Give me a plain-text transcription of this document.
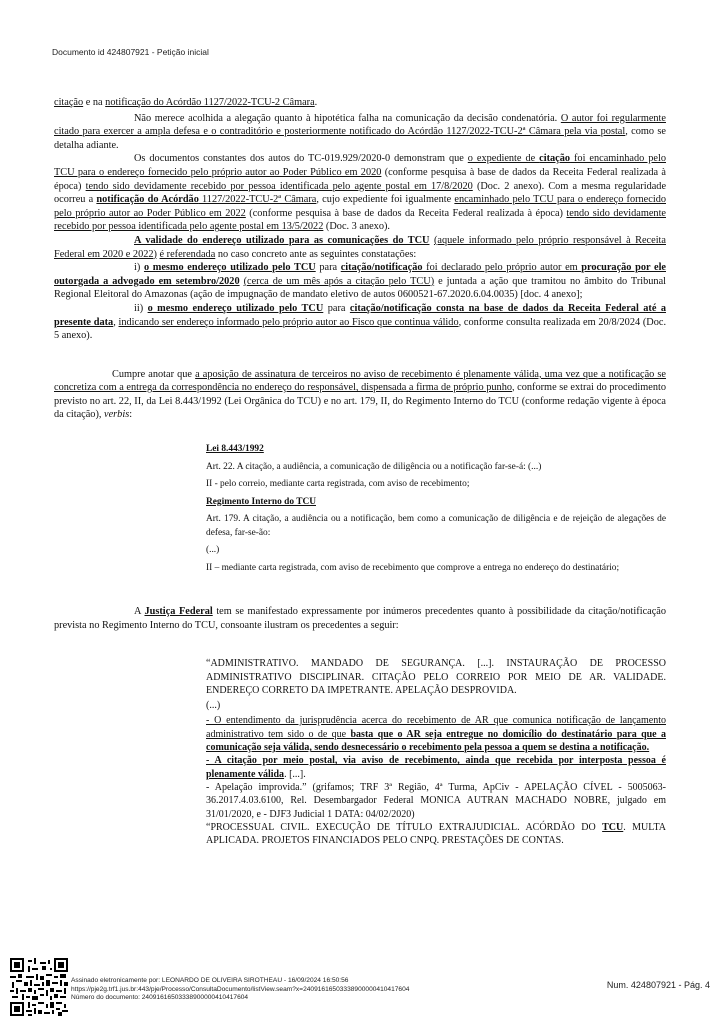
Documento id 424807921 - Petição inicial

citação e na notificação do Acórdão 1127/2022-TCU-2 Câmara.

Não merece acolhida a alegação quanto à hipotética falha na comunicação da decisão condenatória. O autor foi regularmente citado para exercer a ampla defesa e o contraditório e posteriormente notificado do Acórdão 1127/2022-TCU-2ª Câmara pela via postal, como se detalha adiante.

Os documentos constantes dos autos do TC-019.929/2020-0 demonstram que o expediente de citação foi encaminhado pelo TCU para o endereço fornecido pelo próprio autor ao Poder Público em 2020 (conforme pesquisa à base de dados da Receita Federal realizada à época) tendo sido devidamente recebido por pessoa identificada pelo agente postal em 17/8/2020 (Doc. 2 anexo). Com a mesma regularidade ocorreu a notificação do Acórdão 1127/2022-TCU-2ª Câmara, cujo expediente foi igualmente encaminhado pelo TCU para o endereço fornecido pelo próprio autor ao Poder Público em 2022 (conforme pesquisa à base de dados da Receita Federal realizada à época) tendo sido devidamente recebido por pessoa identificada pelo agente postal em 13/5/2022 (Doc. 3 anexo).

A validade do endereço utilizado para as comunicações do TCU (aquele informado pelo próprio responsável à Receita Federal em 2020 e 2022) é referendada no caso concreto ante as seguintes constatações:

i) o mesmo endereço utilizado pelo TCU para citação/notificação foi declarado pelo próprio autor em procuração por ele outorgada a advogado em setembro/2020 (cerca de um mês após a citação pelo TCU) e juntada a ação que tramitou no âmbito do Tribunal Regional Eleitoral do Amazonas (ação de impugnação de mandato eletivo de autos 0600521-67.2020.6.04.0035) [doc. 4 anexo];

ii) o mesmo endereço utilizado pelo TCU para citação/notificação consta na base de dados da Receita Federal até a presente data, indicando ser endereço informado pelo próprio autor ao Fisco que continua válido, conforme consulta realizada em 20/8/2024 (Doc. 5 anexo).

Cumpre anotar que a aposição de assinatura de terceiros no aviso de recebimento é plenamente válida, uma vez que a notificação se concretiza com a entrega da correspondência no endereço do responsável, dispensada a firma de próprio punho, conforme se extrai do procedimento previsto no art. 22, II, da Lei 8.443/1992 (Lei Orgânica do TCU) e no art. 179, II, do Regimento Interno do TCU (conforme redação vigente à época da citação), verbis:

Lei 8.443/1992

Art. 22. A citação, a audiência, a comunicação de diligência ou a notificação far-se-á: (...)

II - pelo correio, mediante carta registrada, com aviso de recebimento;

Regimento Interno do TCU

Art. 179. A citação, a audiência ou a notificação, bem como a comunicação de diligência e de rejeição de alegações de defesa, far-se-ão:

(...)

II – mediante carta registrada, com aviso de recebimento que comprove a entrega no endereço do destinatário;

A Justiça Federal tem se manifestado expressamente por inúmeros precedentes quanto à possibilidade da citação/notificação prevista no Regimento Interno do TCU, consoante ilustram os precedentes a seguir:

“ADMINISTRATIVO. MANDADO DE SEGURANÇA. [...]. INSTAURAÇÃO DE PROCESSO ADMINISTRATIVO DISCIPLINAR. CITAÇÃO PELO CORREIO POR MEIO DE AR. VALIDADE. ENDEREÇO CORRETO DA IMPETRANTE. APELAÇÃO DESPROVIDA.

(...)

- O entendimento da jurisprudência acerca do recebimento de AR que comunica notificação de lançamento administrativo tem sido o de que basta que o AR seja entregue no domicílio do destinatário para que a comunicação seja válida, sendo desnecessário o recebimento pela pessoa a quem se destina a notificação.

- A citação por meio postal, via aviso de recebimento, ainda que recebida por interposta pessoa é plenamente válida. [...].

- Apelação improvida.” (grifamos; TRF 3ª Região, 4ª Turma, ApCiv - APELAÇÃO CÍVEL - 5005063-36.2017.4.03.6100, Rel. Desembargador Federal MONICA AUTRAN MACHADO NOBRE, julgado em 31/01/2020, e - DJF3 Judicial 1 DATA: 04/02/2020)

“PROCESSUAL CIVIL. EXECUÇÃO DE TÍTULO EXTRAJUDICIAL. ACÓRDÃO DO TCU. MULTA APLICADA. PROJETOS FINANCIADOS PELO CNPQ. PRESTAÇÕES DE CONTAS.

Assinado eletronicamente por: LEONARDO DE OLIVEIRA SIROTHEAU - 16/09/2024 16:50:56
https://pje2g.trf1.jus.br:443/pje/Processo/ConsultaDocumento/listView.seam?x=24091616503338900000410417604
Número do documento: 24091616503338900000410417604
Num. 424807921 - Pág. 4
